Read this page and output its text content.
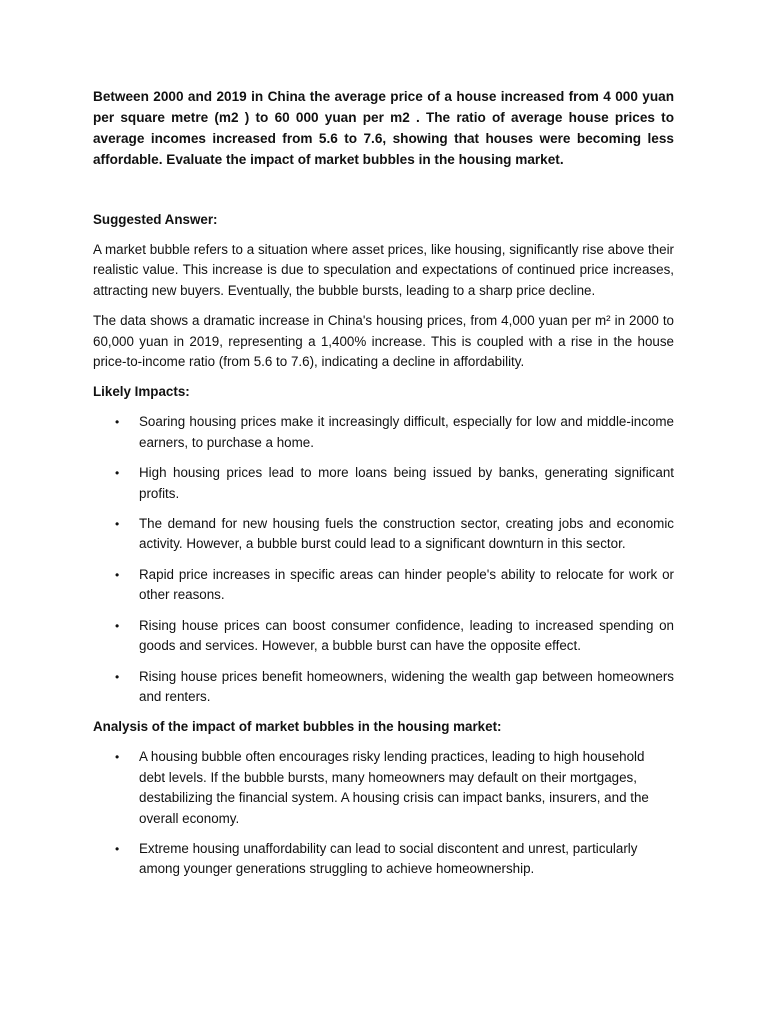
Between 2000 and 2019 in China the average price of a house increased from 4 000 yuan per square metre (m2 ) to 60 000 yuan per m2 . The ratio of average house prices to average incomes increased from 5.6 to 7.6, showing that houses were becoming less affordable. Evaluate the impact of market bubbles in the housing market.

Suggested Answer:

A market bubble refers to a situation where asset prices, like housing, significantly rise above their realistic value. This increase is due to speculation and expectations of continued price increases, attracting new buyers. Eventually, the bubble bursts, leading to a sharp price decline.

The data shows a dramatic increase in China's housing prices, from 4,000 yuan per m² in 2000 to 60,000 yuan in 2019, representing a 1,400% increase. This is coupled with a rise in the house price-to-income ratio (from 5.6 to 7.6), indicating a decline in affordability.

Likely Impacts:

• Soaring housing prices make it increasingly difficult, especially for low and middle-income earners, to purchase a home.
• High housing prices lead to more loans being issued by banks, generating significant profits.
• The demand for new housing fuels the construction sector, creating jobs and economic activity. However, a bubble burst could lead to a significant downturn in this sector.
• Rapid price increases in specific areas can hinder people's ability to relocate for work or other reasons.
• Rising house prices can boost consumer confidence, leading to increased spending on goods and services. However, a bubble burst can have the opposite effect.
• Rising house prices benefit homeowners, widening the wealth gap between homeowners and renters.

Analysis of the impact of market bubbles in the housing market:

• A housing bubble often encourages risky lending practices, leading to high household debt levels. If the bubble bursts, many homeowners may default on their mortgages, destabilizing the financial system. A housing crisis can impact banks, insurers, and the overall economy.
• Extreme housing unaffordability can lead to social discontent and unrest, particularly among younger generations struggling to achieve homeownership.
